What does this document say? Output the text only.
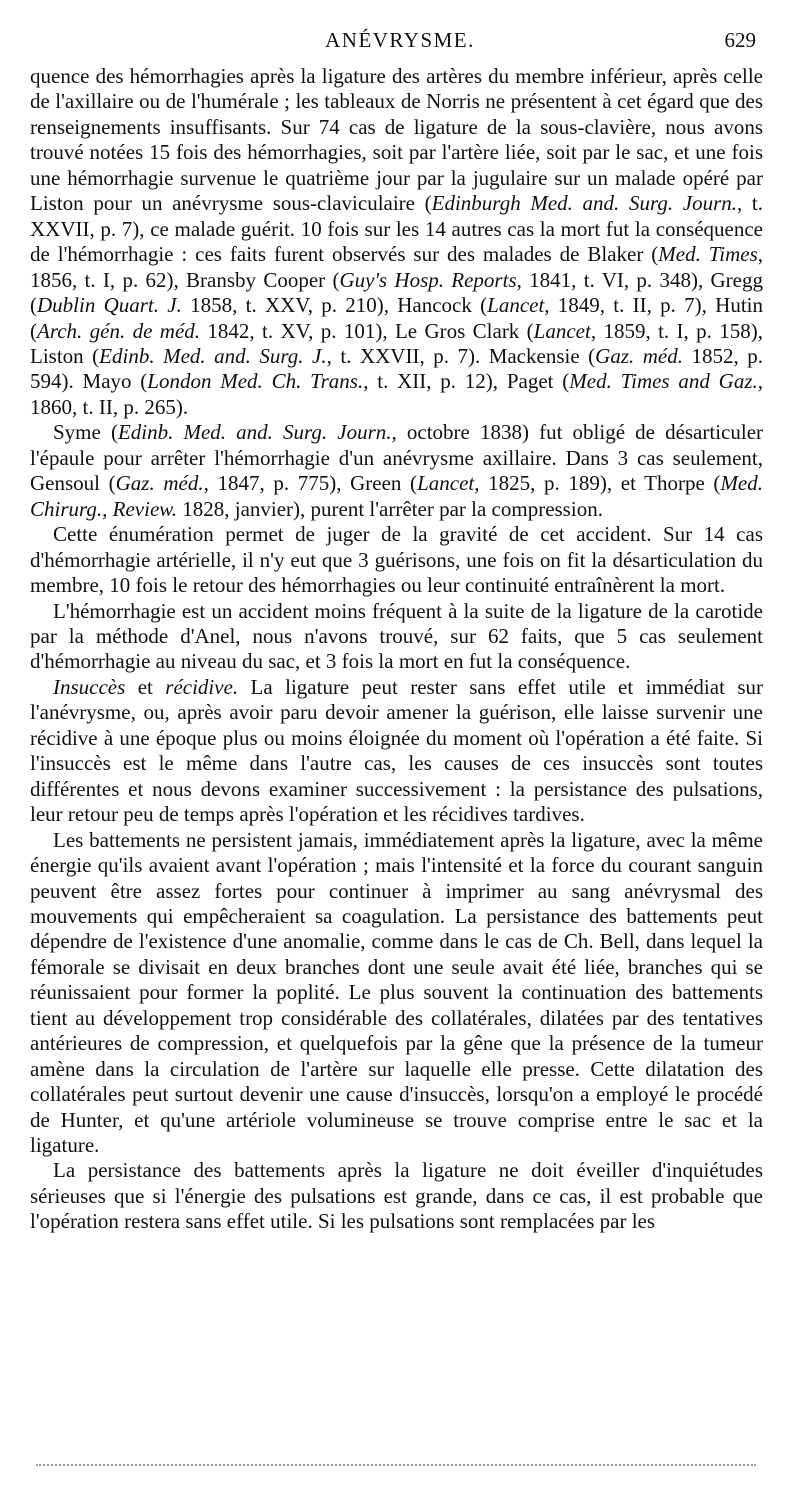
ANÉVRYSME.	629

quence des hémorrhagies après la ligature des artères du membre inférieur, après celle de l'axillaire ou de l'humérale ; les tableaux de Norris ne présentent à cet égard que des renseignements insuffisants. Sur 74 cas de ligature de la sous-clavière, nous avons trouvé notées 15 fois des hémorrhagies, soit par l'artère liée, soit par le sac, et une fois une hémorrhagie survenue le quatrième jour par la jugulaire sur un malade opéré par Liston pour un anévrysme sous-claviculaire (Edinburgh Med. and. Surg. Journ., t. XXVII, p. 7), ce malade guérit. 10 fois sur les 14 autres cas la mort fut la conséquence de l'hémorrhagie : ces faits furent observés sur des malades de Blaker (Med. Times, 1856, t. I, p. 62), Bransby Cooper (Guy's Hosp. Reports, 1841, t. VI, p. 348), Gregg (Dublin Quart. J. 1858, t. XXV, p. 210), Hancock (Lancet, 1849, t. II, p. 7), Hutin (Arch. gén. de méd. 1842, t. XV, p. 101), Le Gros Clark (Lancet, 1859, t. I, p. 158), Liston (Edinb. Med. and. Surg. J., t. XXVII, p. 7). Mackensie (Gaz. méd. 1852, p. 594). Mayo (London Med. Ch. Trans., t. XII, p. 12), Paget (Med. Times and Gaz., 1860, t. II, p. 265).

Syme (Edinb. Med. and. Surg. Journ., octobre 1838) fut obligé de désarticuler l'épaule pour arrêter l'hémorrhagie d'un anévrysme axillaire. Dans 3 cas seulement, Gensoul (Gaz. méd., 1847, p. 775), Green (Lancet, 1825, p. 189), et Thorpe (Med. Chirurg., Review. 1828, janvier), purent l'arrêter par la compression.

Cette énumération permet de juger de la gravité de cet accident. Sur 14 cas d'hémorrhagie artérielle, il n'y eut que 3 guérisons, une fois on fit la désarticulation du membre, 10 fois le retour des hémorrhagies ou leur continuité entraînèrent la mort.

L'hémorrhagie est un accident moins fréquent à la suite de la ligature de la carotide par la méthode d'Anel, nous n'avons trouvé, sur 62 faits, que 5 cas seulement d'hémorrhagie au niveau du sac, et 3 fois la mort en fut la conséquence.

Insuccès et récidive. La ligature peut rester sans effet utile et immédiat sur l'anévrysme, ou, après avoir paru devoir amener la guérison, elle laisse survenir une récidive à une époque plus ou moins éloignée du moment où l'opération a été faite. Si l'insuccès est le même dans l'autre cas, les causes de ces insuccès sont toutes différentes et nous devons examiner successivement : la persistance des pulsations, leur retour peu de temps après l'opération et les récidives tardives.

Les battements ne persistent jamais, immédiatement après la ligature, avec la même énergie qu'ils avaient avant l'opération ; mais l'intensité et la force du courant sanguin peuvent être assez fortes pour continuer à imprimer au sang anévrysmal des mouvements qui empêcheraient sa coagulation. La persistance des battements peut dépendre de l'existence d'une anomalie, comme dans le cas de Ch. Bell, dans lequel la fémorale se divisait en deux branches dont une seule avait été liée, branches qui se réunissaient pour former la poplité. Le plus souvent la continuation des battements tient au développement trop considérable des collatérales, dilatées par des tentatives antérieures de compression, et quelquefois par la gêne que la présence de la tumeur amène dans la circulation de l'artère sur laquelle elle presse. Cette dilatation des collatérales peut surtout devenir une cause d'insuccès, lorsqu'on a employé le procédé de Hunter, et qu'une artériole volumineuse se trouve comprise entre le sac et la ligature.

La persistance des battements après la ligature ne doit éveiller d'inquiétudes sérieuses que si l'énergie des pulsations est grande, dans ce cas, il est probable que l'opération restera sans effet utile. Si les pulsations sont remplacées par les
